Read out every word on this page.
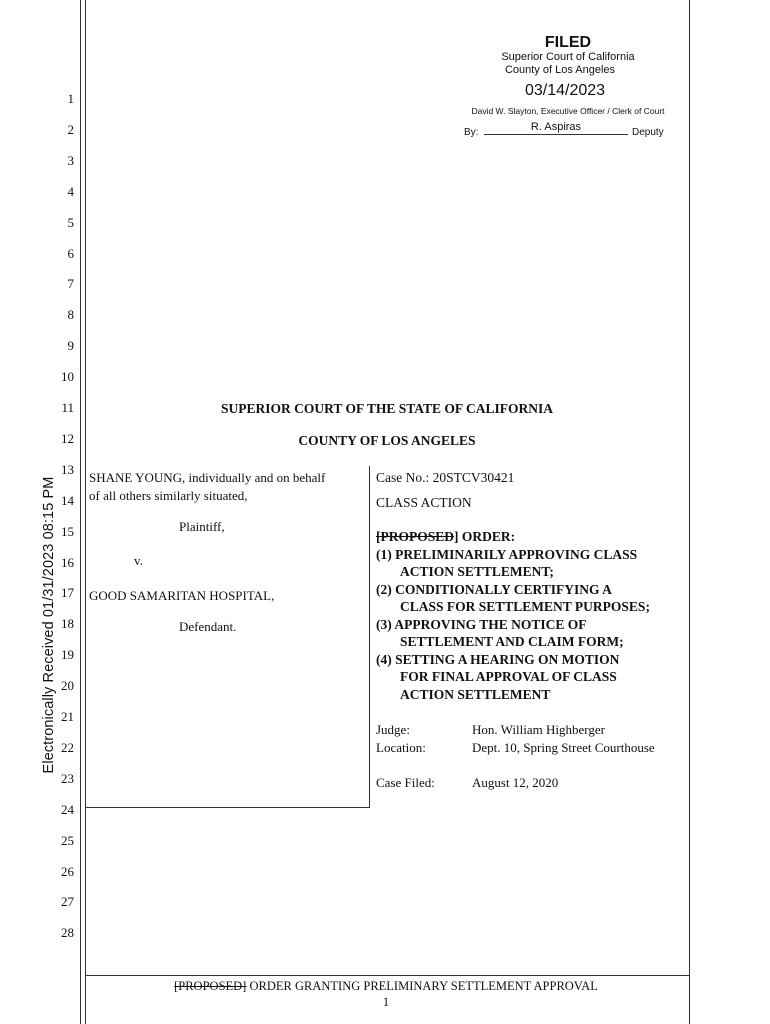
FILED
Superior Court of California
County of Los Angeles
03/14/2023
David W. Slayton, Executive Officer / Clerk of Court
By:	R. Aspiras	Deputy
Electronically Received 01/31/2023 08:15 PM
1
2
3
4
5
6
7
8
9
10
11
12
13
14
15
16
17
18
19
20
21
22
23
24
25
26
27
28
SUPERIOR COURT OF THE STATE OF CALIFORNIA
COUNTY OF LOS ANGELES
SHANE YOUNG, individually and on behalf
of all others similarly situated,
Plaintiff,
v.
GOOD SAMARITAN HOSPITAL,
Defendant.
Case No.: 20STCV30421
CLASS ACTION
[PROPOSED] ORDER:
(1) PRELIMINARILY APPROVING CLASS
ACTION SETTLEMENT;
(2) CONDITIONALLY CERTIFYING A
CLASS FOR SETTLEMENT PURPOSES;
(3) APPROVING THE NOTICE OF
SETTLEMENT AND CLAIM FORM;
(4) SETTING A HEARING ON MOTION
FOR FINAL APPROVAL OF CLASS
ACTION SETTLEMENT
Judge:	Hon. William Highberger
Location:	Dept. 10, Spring Street Courthouse
Case Filed:	August 12, 2020
[PROPOSED] ORDER GRANTING PRELIMINARY SETTLEMENT APPROVAL
1
